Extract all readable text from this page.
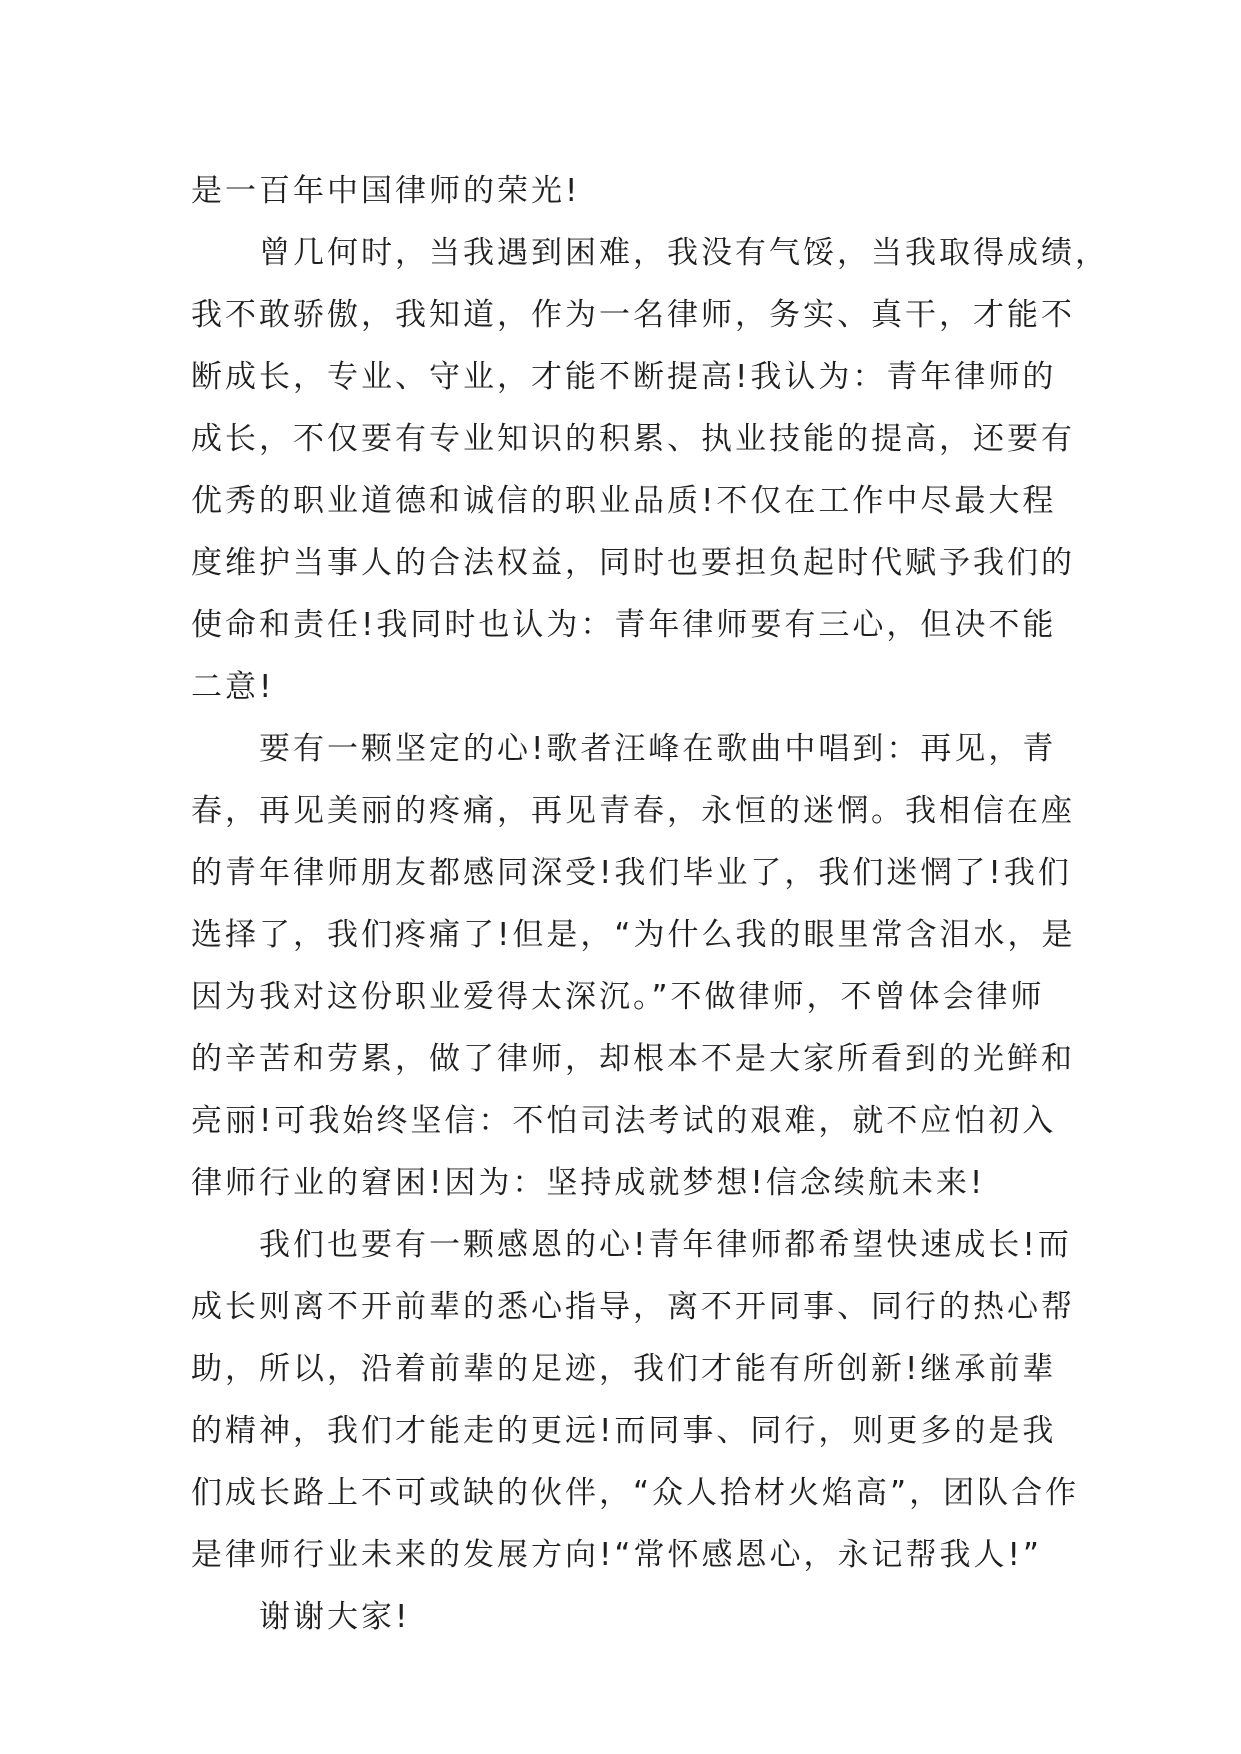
是一百年中国律师的荣光!
曾几何时，当我遇到困难，我没有气馁，当我取得成绩，
我不敢骄傲，我知道，作为一名律师，务实、真干，才能不
断成长，专业、守业，才能不断提高!我认为：青年律师的
成长，不仅要有专业知识的积累、执业技能的提高，还要有
优秀的职业道德和诚信的职业品质!不仅在工作中尽最大程
度维护当事人的合法权益，同时也要担负起时代赋予我们的
使命和责任!我同时也认为：青年律师要有三心，但决不能
二意!
要有一颗坚定的心!歌者汪峰在歌曲中唱到：再见，青
春，再见美丽的疼痛，再见青春，永恒的迷惘。我相信在座
的青年律师朋友都感同深受!我们毕业了，我们迷惘了!我们
选择了，我们疼痛了!但是，“为什么我的眼里常含泪水，是
因为我对这份职业爱得太深沉。”不做律师，不曾体会律师
的辛苦和劳累，做了律师，却根本不是大家所看到的光鲜和
亮丽!可我始终坚信：不怕司法考试的艰难，就不应怕初入
律师行业的窘困!因为：坚持成就梦想!信念续航未来!
我们也要有一颗感恩的心!青年律师都希望快速成长!而
成长则离不开前辈的悉心指导，离不开同事、同行的热心帮
助，所以，沿着前辈的足迹，我们才能有所创新!继承前辈
的精神，我们才能走的更远!而同事、同行，则更多的是我
们成长路上不可或缺的伙伴，“众人拾材火焰高”，团队合作
是律师行业未来的发展方向!“常怀感恩心，永记帮我人!”
谢谢大家!
